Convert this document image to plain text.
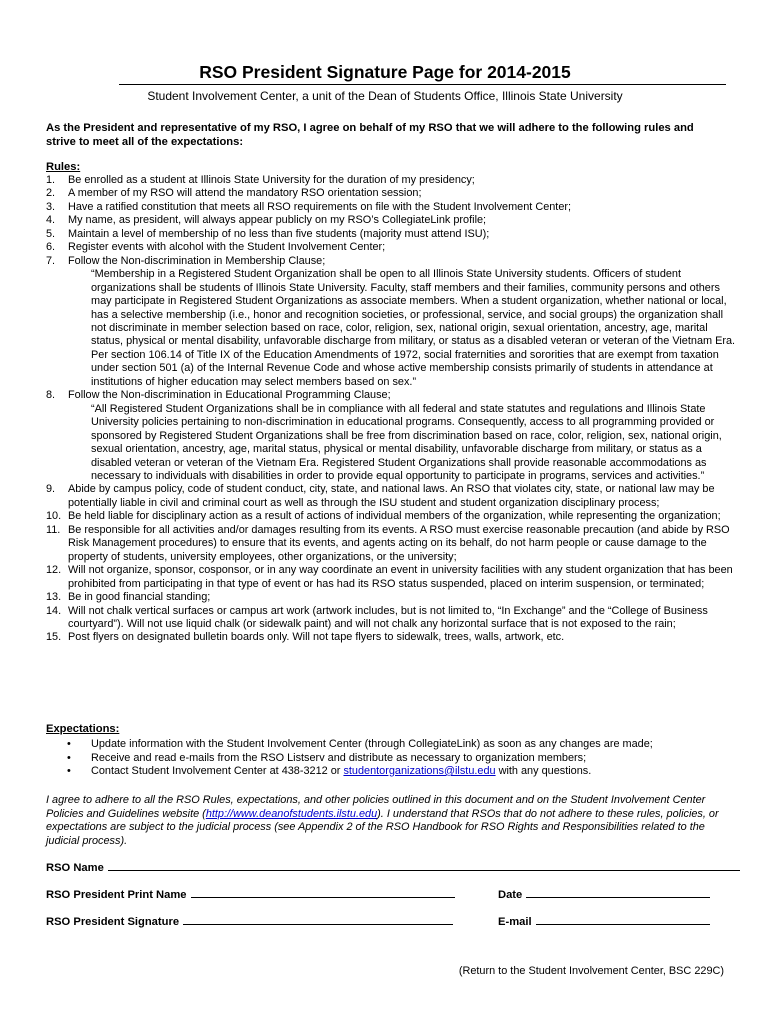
RSO President Signature Page for 2014-2015
Student Involvement Center, a unit of the Dean of Students Office, Illinois State University
As the President and representative of my RSO, I agree on behalf of my RSO that we will adhere to the following rules and strive to meet all of the expectations:
Rules:
1. Be enrolled as a student at Illinois State University for the duration of my presidency;
2. A member of my RSO will attend the mandatory RSO orientation session;
3. Have a ratified constitution that meets all RSO requirements on file with the Student Involvement Center;
4. My name, as president, will always appear publicly on my RSO’s CollegiateLink profile;
5. Maintain a level of membership of no less than five students (majority must attend ISU);
6. Register events with alcohol with the Student Involvement Center;
7. Follow the Non-discrimination in Membership Clause;
“Membership in a Registered Student Organization shall be open to all Illinois State University students. Officers of student organizations shall be students of Illinois State University. Faculty, staff members and their families, community persons and others may participate in Registered Student Organizations as associate members. When a student organization, whether national or local, has a selective membership (i.e., honor and recognition societies, or professional, service, and social groups) the organization shall not discriminate in member selection based on race, color, religion, sex, national origin, sexual orientation, ancestry, age, marital status, physical or mental disability, unfavorable discharge from military, or status as a disabled veteran or veteran of the Vietnam Era. Per section 106.14 of Title IX of the Education Amendments of 1972, social fraternities and sororities that are exempt from taxation under section 501 (a) of the Internal Revenue Code and whose active membership consists primarily of students in attendance at institutions of higher education may select members based on sex.”
8. Follow the Non-discrimination in Educational Programming Clause;
“All Registered Student Organizations shall be in compliance with all federal and state statutes and regulations and Illinois State University policies pertaining to non-discrimination in educational programs. Consequently, access to all programming provided or sponsored by Registered Student Organizations shall be free from discrimination based on race, color, religion, sex, national origin, sexual orientation, ancestry, age, marital status, physical or mental disability, unfavorable discharge from military, or status as a disabled veteran or veteran of the Vietnam Era. Registered Student Organizations shall provide reasonable accommodations as necessary to individuals with disabilities in order to provide equal opportunity to participate in programs, services and activities.”
9. Abide by campus policy, code of student conduct, city, state, and national laws. An RSO that violates city, state, or national law may be potentially liable in civil and criminal court as well as through the ISU student and student organization disciplinary process;
10. Be held liable for disciplinary action as a result of actions of individual members of the organization, while representing the organization;
11. Be responsible for all activities and/or damages resulting from its events. A RSO must exercise reasonable precaution (and abide by RSO Risk Management procedures) to ensure that its events, and agents acting on its behalf, do not harm people or cause damage to the property of students, university employees, other organizations, or the university;
12. Will not organize, sponsor, cosponsor, or in any way coordinate an event in university facilities with any student organization that has been prohibited from participating in that type of event or has had its RSO status suspended, placed on interim suspension, or terminated;
13. Be in good financial standing;
14. Will not chalk vertical surfaces or campus art work (artwork includes, but is not limited to, “In Exchange” and the “College of Business courtyard”). Will not use liquid chalk (or sidewalk paint) and will not chalk any horizontal surface that is not exposed to the rain;
15. Post flyers on designated bulletin boards only. Will not tape flyers to sidewalk, trees, walls, artwork, etc.
Expectations:
• Update information with the Student Involvement Center (through CollegiateLink) as soon as any changes are made;
• Receive and read e-mails from the RSO Listserv and distribute as necessary to organization members;
• Contact Student Involvement Center at 438-3212 or studentorganizations@ilstu.edu with any questions.
I agree to adhere to all the RSO Rules, expectations, and other policies outlined in this document and on the Student Involvement Center Policies and Guidelines website (http://www.deanofstudents.ilstu.edu). I understand that RSOs that do not adhere to these rules, policies, or expectations are subject to the judicial process (see Appendix 2 of the RSO Handbook for RSO Rights and Responsibilities related to the judicial process).
RSO Name
RSO President Print Name	Date
RSO President Signature	E-mail
(Return to the Student Involvement Center, BSC 229C)
